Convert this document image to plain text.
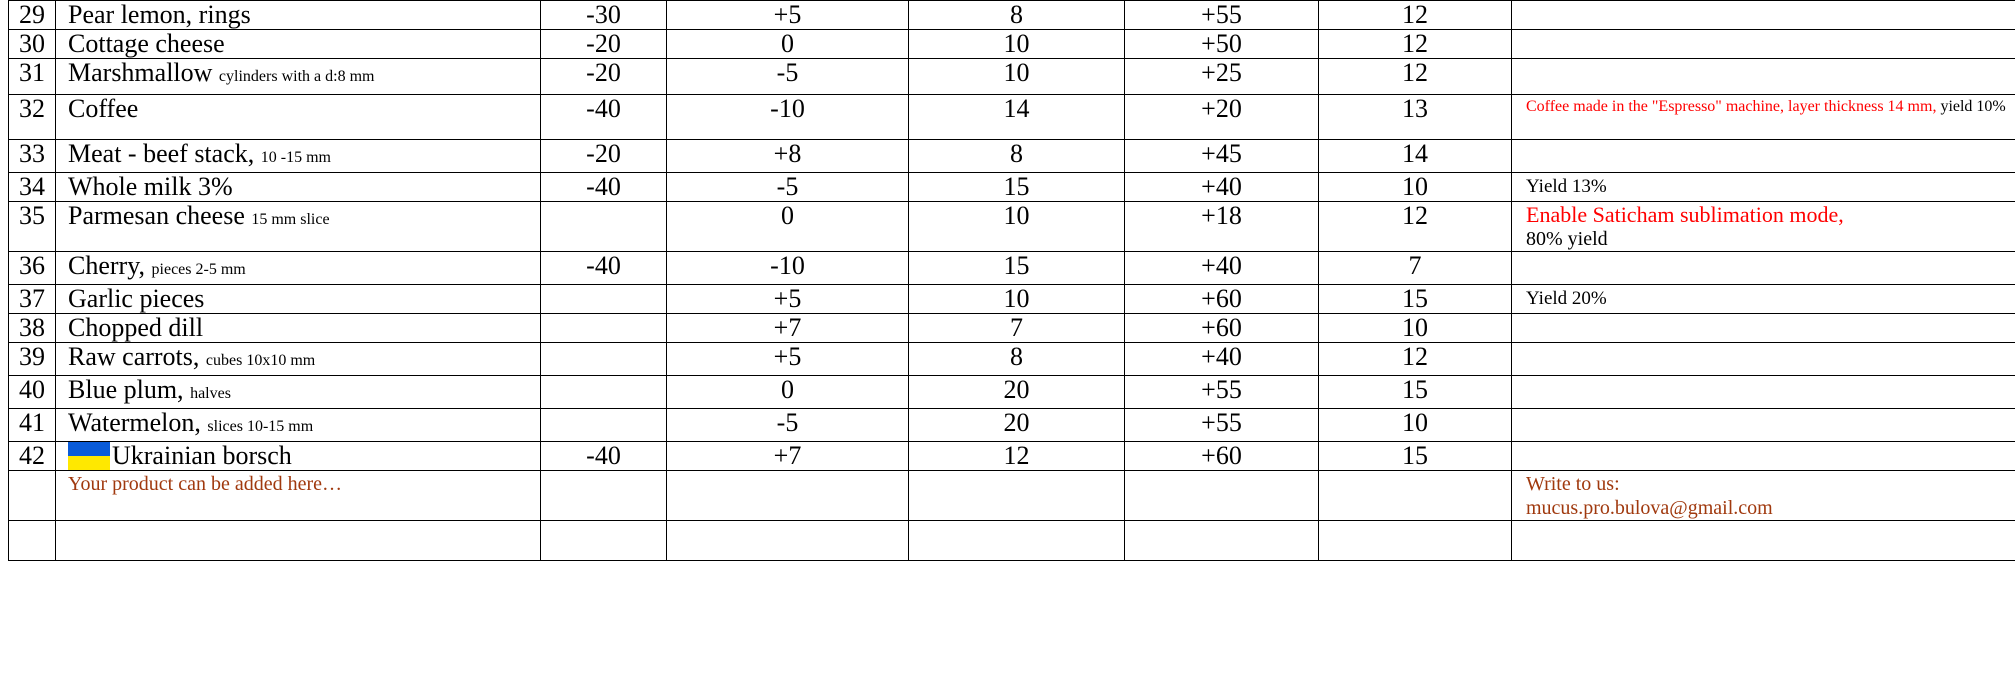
29	Pear lemon, rings	-30	+5	8	+55	12	
30	Cottage cheese	-20	0	10	+50	12	
31	Marshmallow cylinders with a d:8 mm	-20	-5	10	+25	12	
32	Coffee	-40	-10	14	+20	13	Coffee made in the "Espresso" machine, layer thickness 14 mm, yield 10%
33	Meat - beef stack, 10 -15 mm	-20	+8	8	+45	14	
34	Whole milk 3%	-40	-5	15	+40	10	Yield 13%
35	Parmesan cheese 15 mm slice		0	10	+18	12	Enable Saticham sublimation mode,
80% yield

36	Cherry, pieces 2-5 mm	-40	-10	15	+40	7	
37	Garlic pieces		+5	10	+60	15	Yield 20%
38	Chopped dill		+7	7	+60	10	
39	Raw carrots, cubes 10x10 mm		+5	8	+40	12	
40	Blue plum, halves		0	20	+55	15	
41	Watermelon, slices 10-15 mm		-5	20	+55	10	
42	Ukrainian borsch	-40	+7	12	+60	15	
	Your product can be added here…						Write to us:
mucus.pro.bulova@gmail.com
